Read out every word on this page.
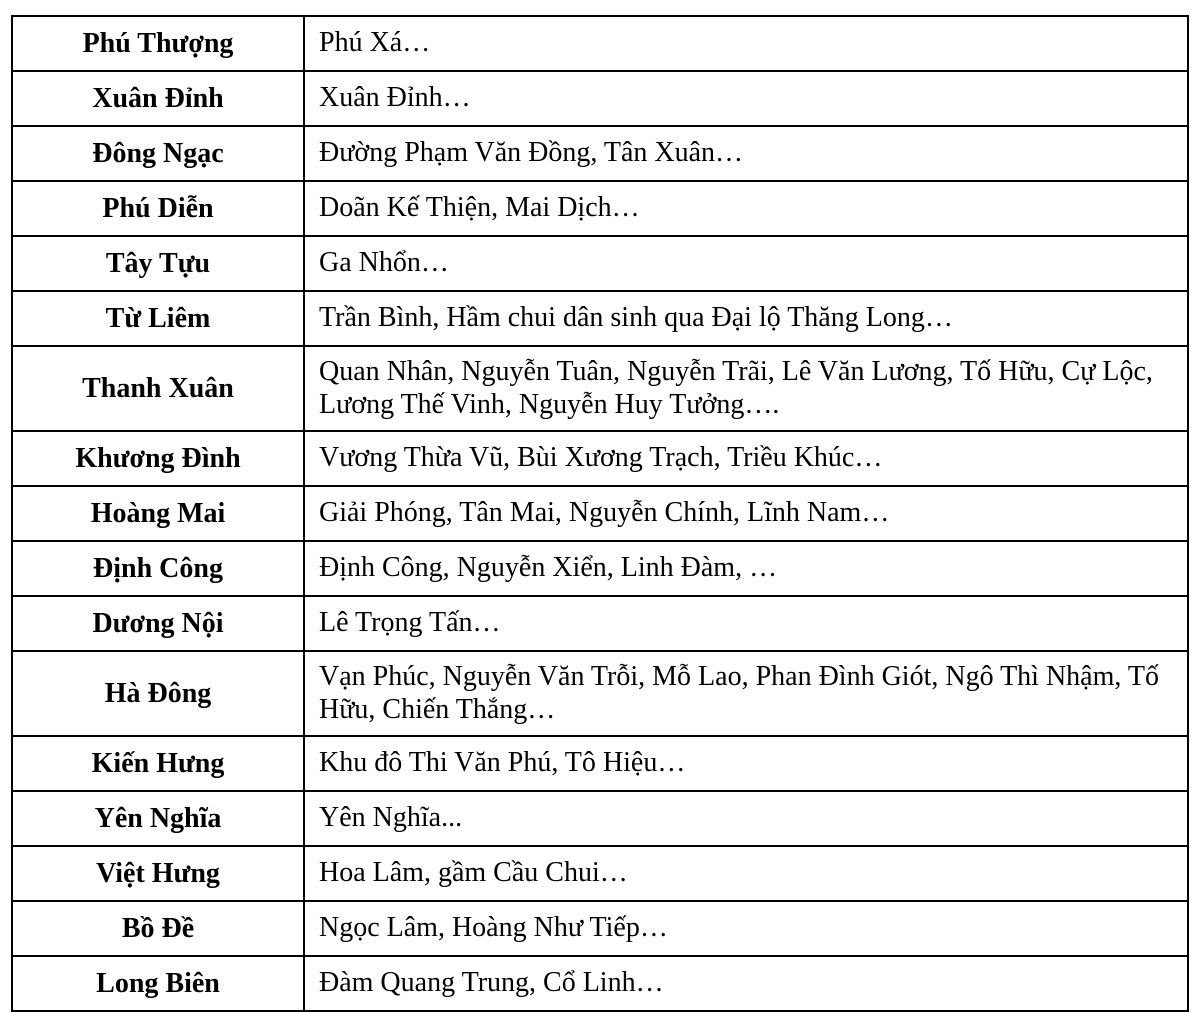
Phú Thượng	Phú Xá…
Xuân Đỉnh	Xuân Đỉnh…
Đông Ngạc	Đường Phạm Văn Đồng, Tân Xuân…
Phú Diễn	Doãn Kế Thiện, Mai Dịch…
Tây Tựu	Ga Nhổn…
Từ Liêm	Trần Bình, Hầm chui dân sinh qua Đại lộ Thăng Long…
Thanh Xuân	Quan Nhân, Nguyễn Tuân, Nguyễn Trãi, Lê Văn Lương, Tố Hữu, Cự Lộc, Lương Thế Vinh, Nguyễn Huy Tưởng….
Khương Đình	Vương Thừa Vũ, Bùi Xương Trạch, Triều Khúc…
Hoàng Mai	Giải Phóng, Tân Mai, Nguyễn Chính, Lĩnh Nam…
Định Công	Định Công, Nguyễn Xiển, Linh Đàm, …
Dương Nội	Lê Trọng Tấn…
Hà Đông	Vạn Phúc, Nguyễn Văn Trỗi, Mỗ Lao, Phan Đình Giót, Ngô Thì Nhậm, Tố Hữu, Chiến Thắng…
Kiến Hưng	Khu đô Thi Văn Phú, Tô Hiệu…
Yên Nghĩa	Yên Nghĩa...
Việt Hưng	Hoa Lâm, gầm Cầu Chui…
Bồ Đề	Ngọc Lâm, Hoàng Như Tiếp…
Long Biên	Đàm Quang Trung, Cổ Linh…
